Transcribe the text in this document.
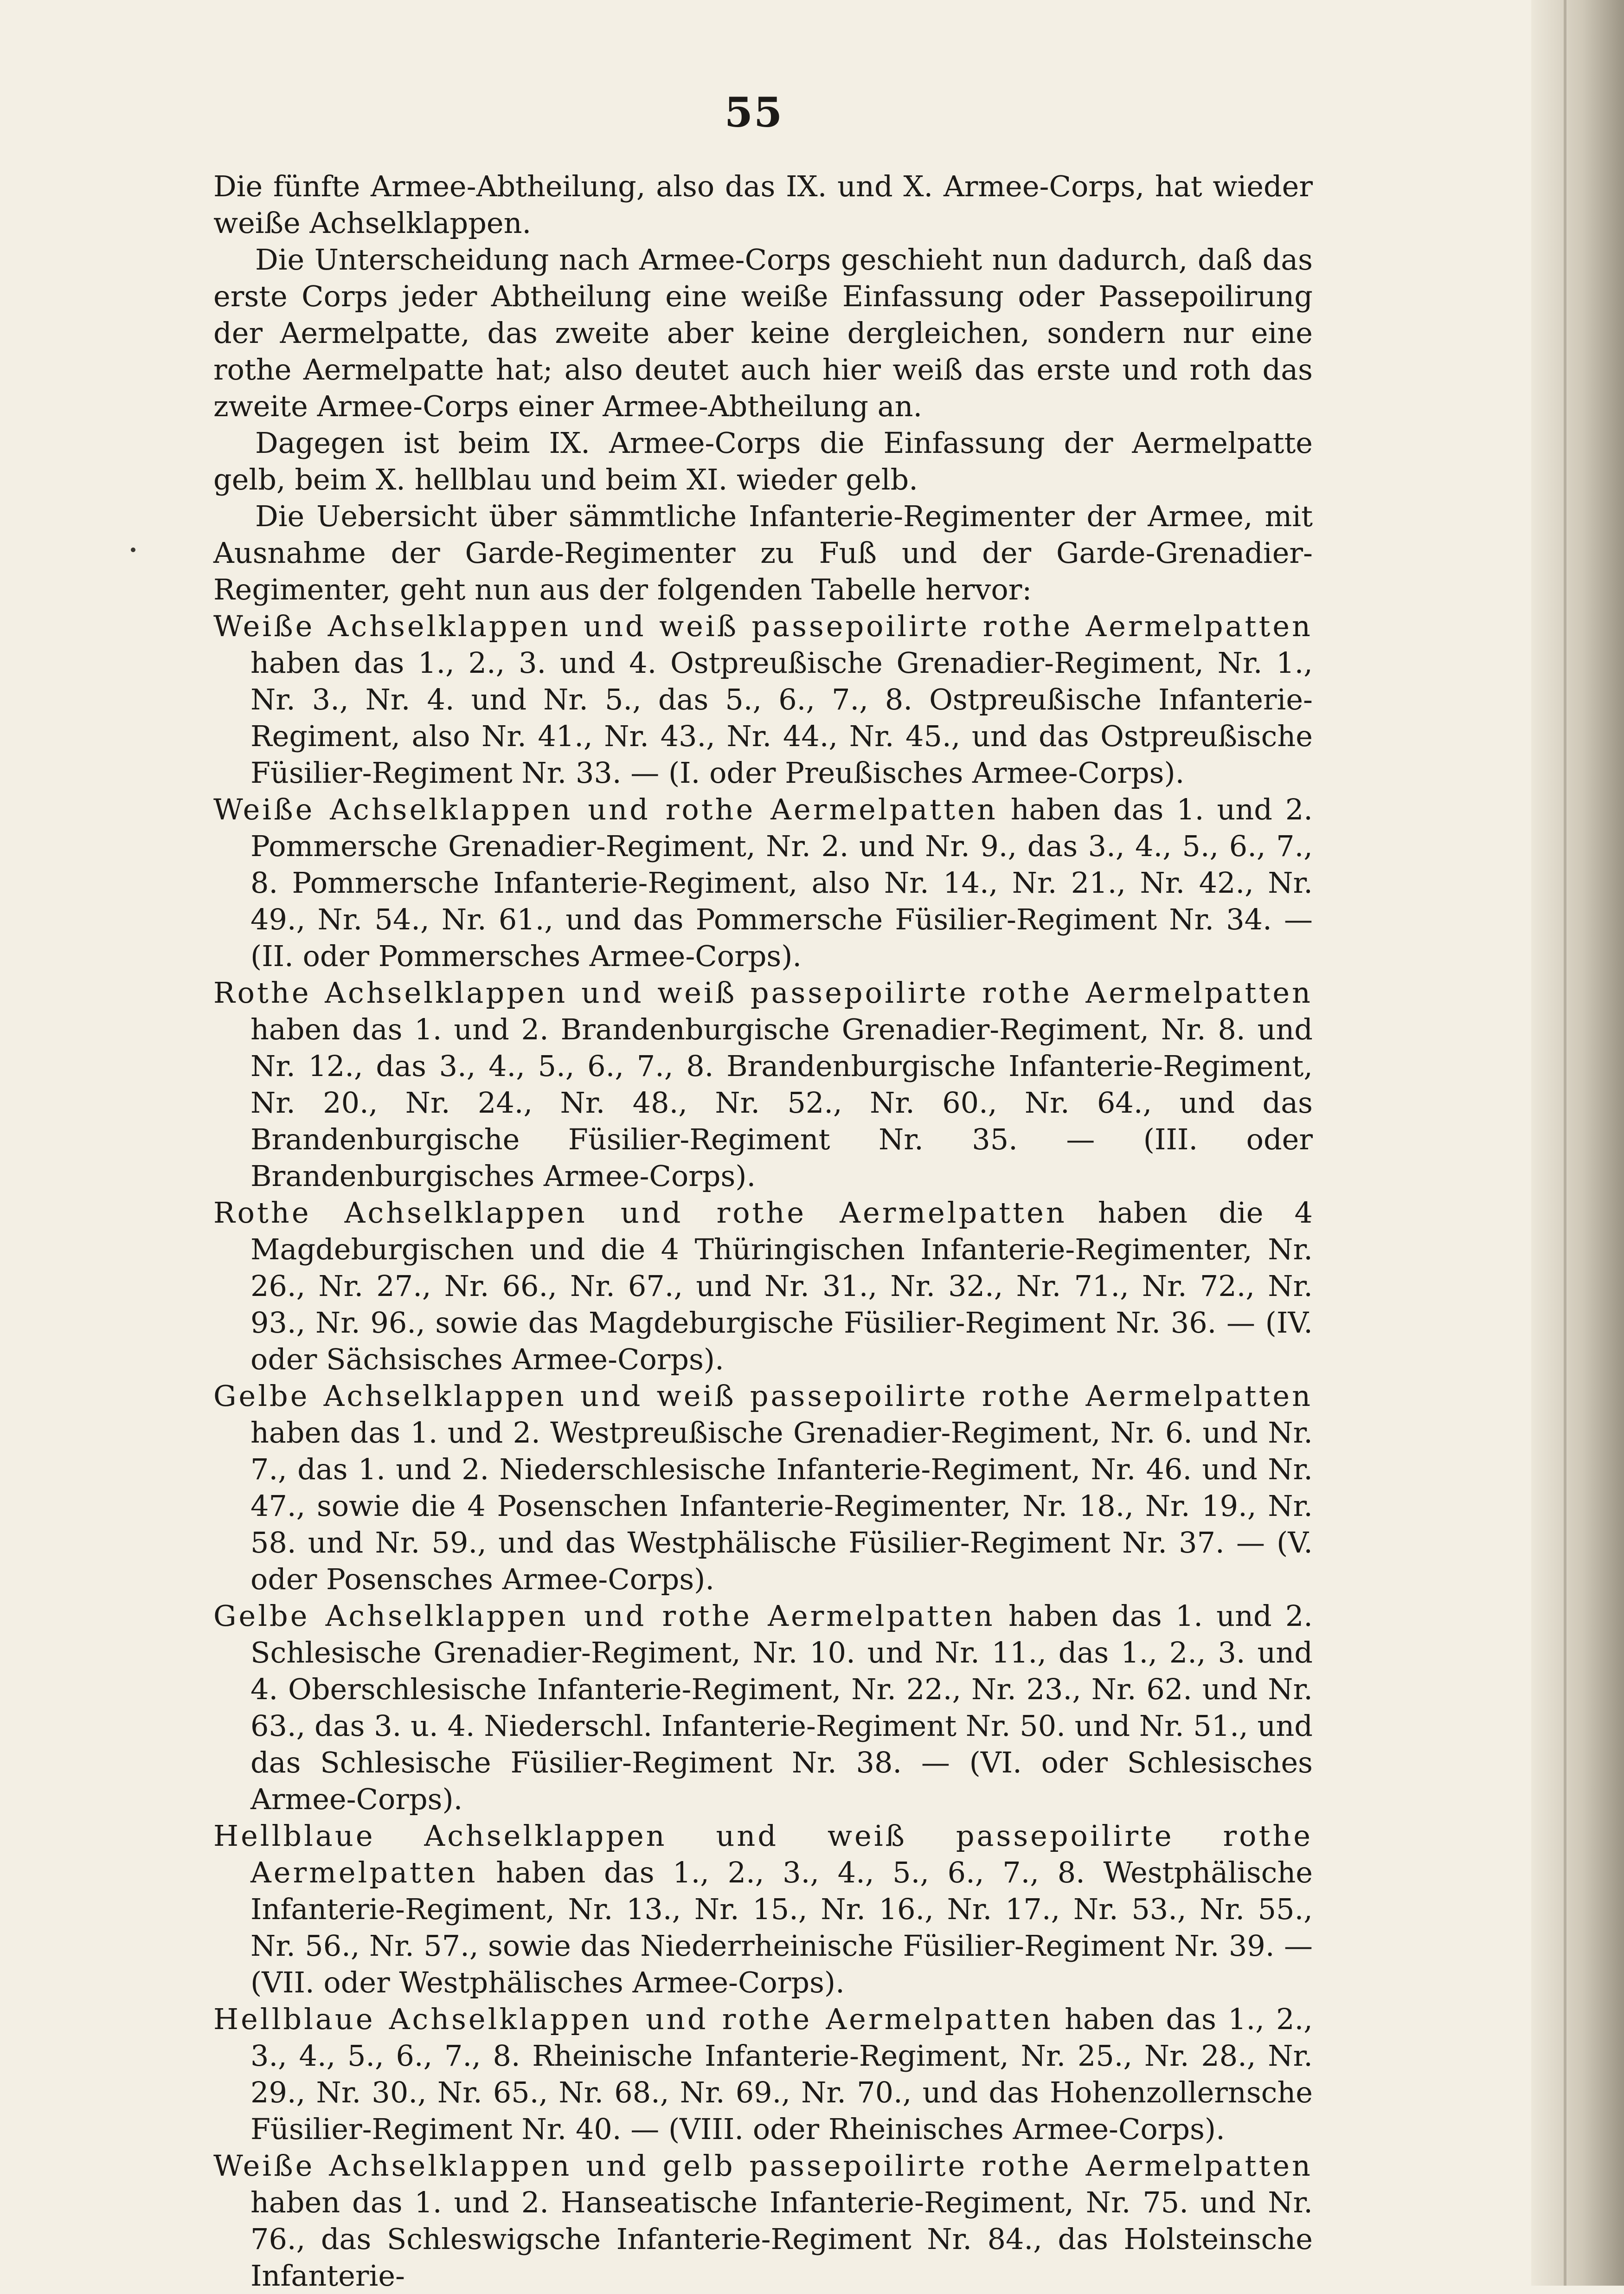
55

Die fünfte Armee-Abtheilung, also das IX. und X. Armee-Corps, hat wieder weiße Achselklappen.

Die Unterscheidung nach Armee-Corps geschieht nun dadurch, daß das erste Corps jeder Abtheilung eine weiße Einfassung oder Passepoilirung der Aermelpatte, das zweite aber keine dergleichen, sondern nur eine rothe Aermelpatte hat; also deutet auch hier weiß das erste und roth das zweite Armee-Corps einer Armee-Abtheilung an.

Dagegen ist beim IX. Armee-Corps die Einfassung der Aermelpatte gelb, beim X. hellblau und beim XI. wieder gelb.

Die Uebersicht über sämmtliche Infanterie-Regimenter der Armee, mit Ausnahme der Garde-Regimenter zu Fuß und der Garde-Grenadier-Regimenter, geht nun aus der folgenden Tabelle hervor:

Weiße Achselklappen und weiß passepoilirte rothe Aermelpatten haben das 1., 2., 3. und 4. Ostpreußische Grenadier-Regiment, Nr. 1., Nr. 3., Nr. 4. und Nr. 5., das 5., 6., 7., 8. Ostpreußische Infanterie-Regiment, also Nr. 41., Nr. 43., Nr. 44., Nr. 45., und das Ostpreußische Füsilier-Regiment Nr. 33. — (I. oder Preußisches Armee-Corps).

Weiße Achselklappen und rothe Aermelpatten haben das 1. und 2. Pommersche Grenadier-Regiment, Nr. 2. und Nr. 9., das 3., 4., 5., 6., 7., 8. Pommersche Infanterie-Regiment, also Nr. 14., Nr. 21., Nr. 42., Nr. 49., Nr. 54., Nr. 61., und das Pommersche Füsilier-Regiment Nr. 34. — (II. oder Pommersches Armee-Corps).

Rothe Achselklappen und weiß passepoilirte rothe Aermelpatten haben das 1. und 2. Brandenburgische Grenadier-Regiment, Nr. 8. und Nr. 12., das 3., 4., 5., 6., 7., 8. Brandenburgische Infanterie-Regiment, Nr. 20., Nr. 24., Nr. 48., Nr. 52., Nr. 60., Nr. 64., und das Brandenburgische Füsilier-Regiment Nr. 35. — (III. oder Brandenburgisches Armee-Corps).

Rothe Achselklappen und rothe Aermelpatten haben die 4 Magdeburgischen und die 4 Thüringischen Infanterie-Regimenter, Nr. 26., Nr. 27., Nr. 66., Nr. 67., und Nr. 31., Nr. 32., Nr. 71., Nr. 72., Nr. 93., Nr. 96., sowie das Magdeburgische Füsilier-Regiment Nr. 36. — (IV. oder Sächsisches Armee-Corps).

Gelbe Achselklappen und weiß passepoilirte rothe Aermelpatten haben das 1. und 2. Westpreußische Grenadier-Regiment, Nr. 6. und Nr. 7., das 1. und 2. Niederschlesische Infanterie-Regiment, Nr. 46. und Nr. 47., sowie die 4 Posenschen Infanterie-Regimenter, Nr. 18., Nr. 19., Nr. 58. und Nr. 59., und das Westphälische Füsilier-Regiment Nr. 37. — (V. oder Posensches Armee-Corps).

Gelbe Achselklappen und rothe Aermelpatten haben das 1. und 2. Schlesische Grenadier-Regiment, Nr. 10. und Nr. 11., das 1., 2., 3. und 4. Oberschlesische Infanterie-Regiment, Nr. 22., Nr. 23., Nr. 62. und Nr. 63., das 3. u. 4. Niederschl. Infanterie-Regiment Nr. 50. und Nr. 51., und das Schlesische Füsilier-Regiment Nr. 38. — (VI. oder Schlesisches Armee-Corps).

Hellblaue Achselklappen und weiß passepoilirte rothe Aermelpatten haben das 1., 2., 3., 4., 5., 6., 7., 8. Westphälische Infanterie-Regiment, Nr. 13., Nr. 15., Nr. 16., Nr. 17., Nr. 53., Nr. 55., Nr. 56., Nr. 57., sowie das Niederrheinische Füsilier-Regiment Nr. 39. — (VII. oder Westphälisches Armee-Corps).

Hellblaue Achselklappen und rothe Aermelpatten haben das 1., 2., 3., 4., 5., 6., 7., 8. Rheinische Infanterie-Regiment, Nr. 25., Nr. 28., Nr. 29., Nr. 30., Nr. 65., Nr. 68., Nr. 69., Nr. 70., und das Hohenzollernsche Füsilier-Regiment Nr. 40. — (VIII. oder Rheinisches Armee-Corps).

Weiße Achselklappen und gelb passepoilirte rothe Aermelpatten haben das 1. und 2. Hanseatische Infanterie-Regiment, Nr. 75. und Nr. 76., das Schleswigsche Infanterie-Regiment Nr. 84., das Holsteinsche Infanterie-
